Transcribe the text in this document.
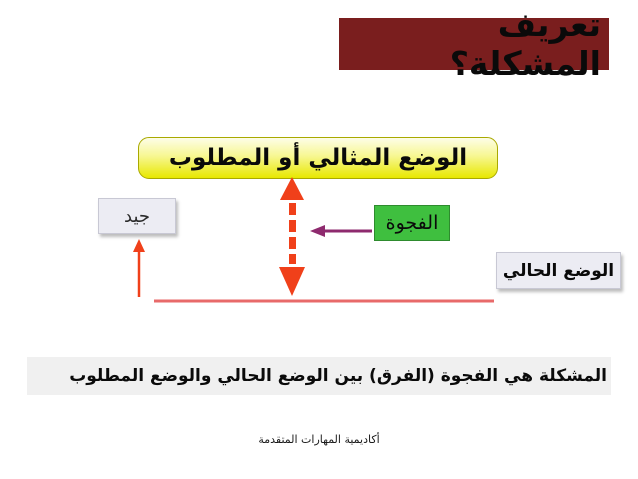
تعريف المشكلة؟
الوضع المثالي أو المطلوب
جيد	الفجوة
الوضع الحالي
المشكلة هي الفجوة (الفرق) بين الوضع الحالي والوضع المطلوب
أكاديمية المهارات المتقدمة
